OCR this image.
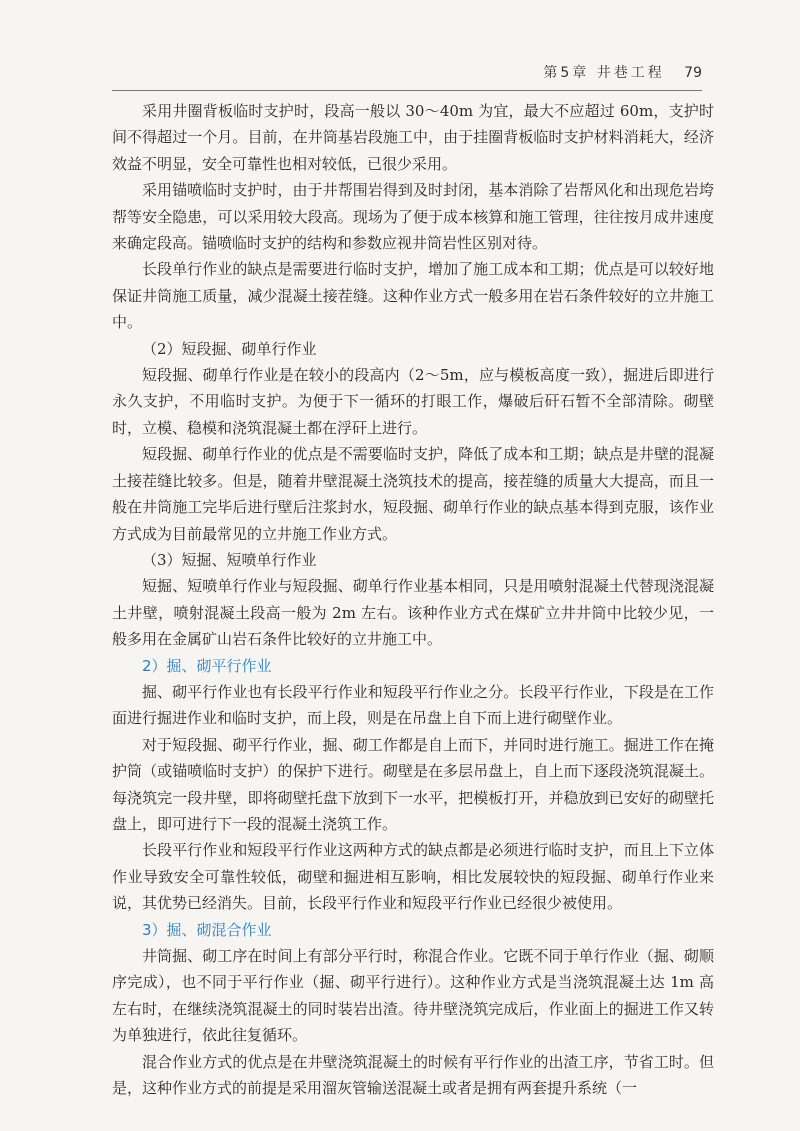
第5章 井巷工程 79

采用井圈背板临时支护时，段高一般以 30～40m 为宜，最大不应超过 60m，支护时间不得超过一个月。目前，在井筒基岩段施工中，由于挂圈背板临时支护材料消耗大，经济效益不明显，安全可靠性也相对较低，已很少采用。

采用锚喷临时支护时，由于井帮围岩得到及时封闭，基本消除了岩帮风化和出现危岩垮帮等安全隐患，可以采用较大段高。现场为了便于成本核算和施工管理，往往按月成井速度来确定段高。锚喷临时支护的结构和参数应视井筒岩性区别对待。

长段单行作业的缺点是需要进行临时支护，增加了施工成本和工期；优点是可以较好地保证井筒施工质量，减少混凝土接茬缝。这种作业方式一般多用在岩石条件较好的立井施工中。

（2）短段掘、砌单行作业

短段掘、砌单行作业是在较小的段高内（2～5m，应与模板高度一致），掘进后即进行永久支护，不用临时支护。为便于下一循环的打眼工作，爆破后矸石暂不全部清除。砌壁时，立模、稳模和浇筑混凝土都在浮矸上进行。

短段掘、砌单行作业的优点是不需要临时支护，降低了成本和工期；缺点是井壁的混凝土接茬缝比较多。但是，随着井壁混凝土浇筑技术的提高，接茬缝的质量大大提高，而且一般在井筒施工完毕后进行壁后注浆封水，短段掘、砌单行作业的缺点基本得到克服，该作业方式成为目前最常见的立井施工作业方式。

（3）短掘、短喷单行作业

短掘、短喷单行作业与短段掘、砌单行作业基本相同，只是用喷射混凝土代替现浇混凝土井壁，喷射混凝土段高一般为 2m 左右。该种作业方式在煤矿立井井筒中比较少见，一般多用在金属矿山岩石条件比较好的立井施工中。

2）掘、砌平行作业

掘、砌平行作业也有长段平行作业和短段平行作业之分。长段平行作业，下段是在工作面进行掘进作业和临时支护，而上段，则是在吊盘上自下而上进行砌壁作业。

对于短段掘、砌平行作业，掘、砌工作都是自上而下，并同时进行施工。掘进工作在掩护筒（或锚喷临时支护）的保护下进行。砌壁是在多层吊盘上，自上而下逐段浇筑混凝土。每浇筑完一段井壁，即将砌壁托盘下放到下一水平，把模板打开，并稳放到已安好的砌壁托盘上，即可进行下一段的混凝土浇筑工作。

长段平行作业和短段平行作业这两种方式的缺点都是必须进行临时支护，而且上下立体作业导致安全可靠性较低，砌壁和掘进相互影响，相比发展较快的短段掘、砌单行作业来说，其优势已经消失。目前，长段平行作业和短段平行作业已经很少被使用。

3）掘、砌混合作业

井筒掘、砌工序在时间上有部分平行时，称混合作业。它既不同于单行作业（掘、砌顺序完成），也不同于平行作业（掘、砌平行进行）。这种作业方式是当浇筑混凝土达 1m 高左右时，在继续浇筑混凝土的同时装岩出渣。待井壁浇筑完成后，作业面上的掘进工作又转为单独进行，依此往复循环。

混合作业方式的优点是在井壁浇筑混凝土的时候有平行作业的出渣工序，节省工时。但是，这种作业方式的前提是采用溜灰管输送混凝土或者是拥有两套提升系统（一
